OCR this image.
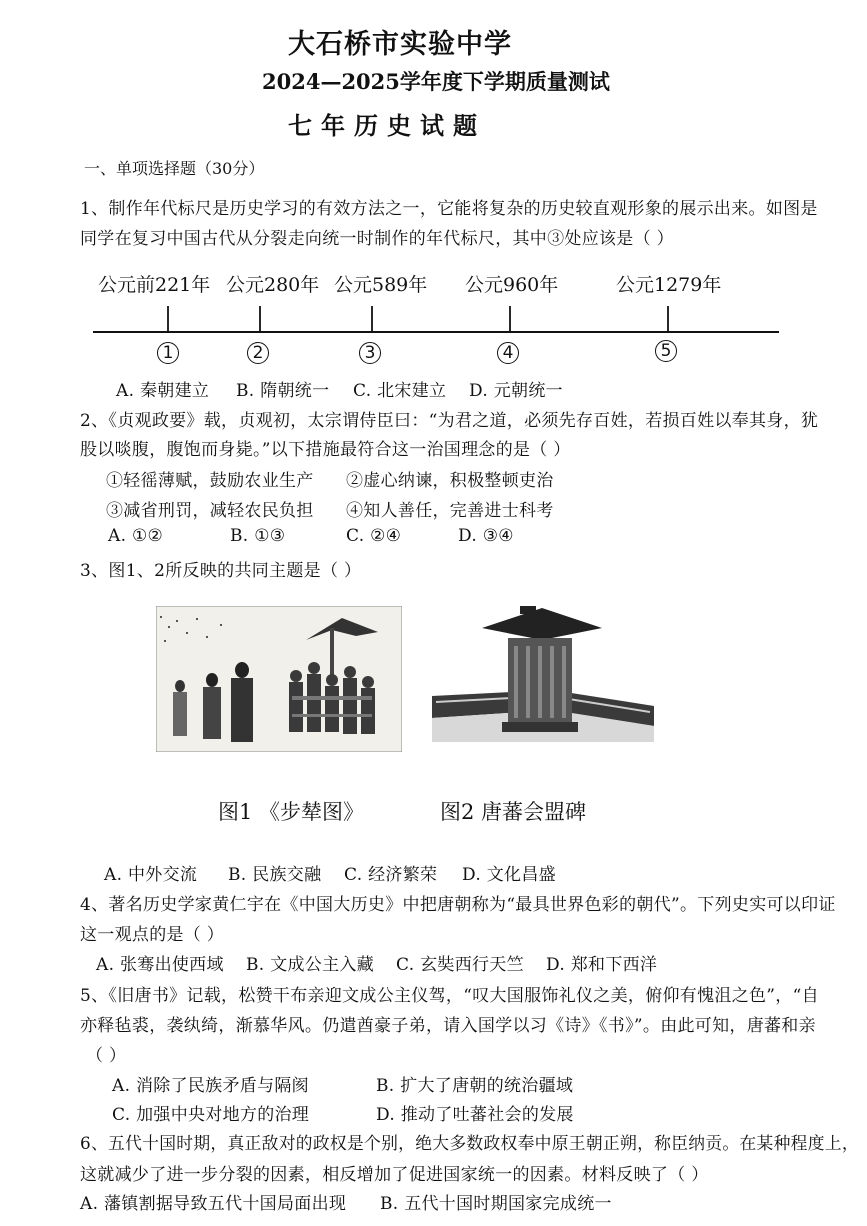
大石桥市实验中学
2024—2025学年度下学期质量测试
七年历史试题
一、单项选择题（30分）
1、制作年代标尺是历史学习的有效方法之一，它能将复杂的历史较直观形象的展示出来。如图是
同学在复习中国古代从分裂走向统一时制作的年代标尺，其中③处应该是（ ）
公元前221年 公元280年 公元589年 公元960年	公元1279年
1	2	3	4	5
A. 秦朝建立 B. 隋朝统一 C. 北宋建立 D. 元朝统一
2、《贞观政要》载，贞观初，太宗谓侍臣曰：“为君之道，必须先存百姓，若损百姓以奉其身，犹
股以啖腹，腹饱而身毙。”以下措施最符合这一治国理念的是（ ）
①轻徭薄赋，鼓励农业生产 ②虚心纳谏，积极整顿吏治
③减省刑罚，减轻农民负担 ④知人善任，完善进士科考
A. ①②	B. ①③	C. ②④	D. ③④
3、图1、2所反映的共同主题是（ ）
图1 《步辇图》	图2 唐蕃会盟碑
A. 中外交流 B. 民族交融 C. 经济繁荣 D. 文化昌盛
4、著名历史学家黄仁宇在《中国大历史》中把唐朝称为“最具世界色彩的朝代”。下列史实可以印证
这一观点的是（ ）
A. 张骞出使西域 B. 文成公主入藏 C. 玄奘西行天竺 D. 郑和下西洋
5、《旧唐书》记载，松赞干布亲迎文成公主仪驾，“叹大国服饰礼仪之美，俯仰有愧沮之色”，“自
亦释毡裘，袭纨绮，渐慕华风。仍遣酋豪子弟，请入国学以习《诗》《书》”。由此可知，唐蕃和亲
（ ）
A. 消除了民族矛盾与隔阂	B. 扩大了唐朝的统治疆域
C. 加强中央对地方的治理	D. 推动了吐蕃社会的发展
6、五代十国时期，真正敌对的政权是个别，绝大多数政权奉中原王朝正朔，称臣纳贡。在某种程度上，
这就减少了进一步分裂的因素，相反增加了促进国家统一的因素。材料反映了（ ）
A. 藩镇割据导致五代十国局面出现 B. 五代十国时期国家完成统一
